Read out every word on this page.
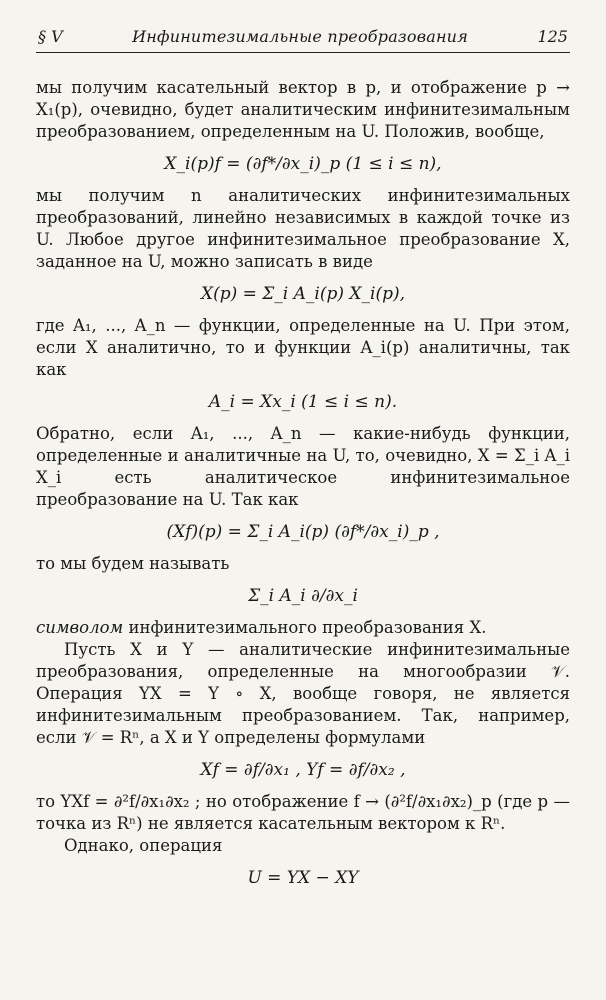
§ V	Инфинитезимальные преобразования	125

мы получим касательный вектор в p, и отображение p → X₁(p), очевидно, будет аналитическим инфинитезимальным преобразованием, определенным на U. Положив, вообще,

X_i(p)f = (∂f*/∂x_i)_p (1 ≤ i ≤ n),

мы получим n аналитических инфинитезимальных преобразований, линейно независимых в каждой точке из U. Любое другое инфинитезимальное преобразование X, заданное на U, можно записать в виде

X(p) = Σ_i A_i(p) X_i(p),

где A₁, ..., A_n — функции, определенные на U. При этом, если X аналитично, то и функции A_i(p) аналитичны, так как

A_i = Xx_i (1 ≤ i ≤ n).

Обратно, если A₁, ..., A_n — какие-нибудь функции, определенные и аналитичные на U, то, очевидно, X = Σ_i A_i X_i есть аналитическое инфинитезимальное преобразование на U. Так как

(Xf)(p) = Σ_i A_i(p) (∂f*/∂x_i)_p ,

то мы будем называть

Σ_i A_i ∂/∂x_i

символом инфинитезимального преобразования X.

Пусть X и Y — аналитические инфинитезимальные преобразования, определенные на многообразии 𝒱. Операция YX = Y ∘ X, вообще говоря, не является инфинитезимальным преобразованием. Так, например, если 𝒱 = Rⁿ, а X и Y определены формулами

Xf = ∂f/∂x₁ , Yf = ∂f/∂x₂ ,

то YXf = ∂²f/∂x₁∂x₂ ; но отображение f → (∂²f/∂x₁∂x₂)_p (где p — точка из Rⁿ) не является касательным вектором к Rⁿ.

Однако, операция

U = YX − XY
